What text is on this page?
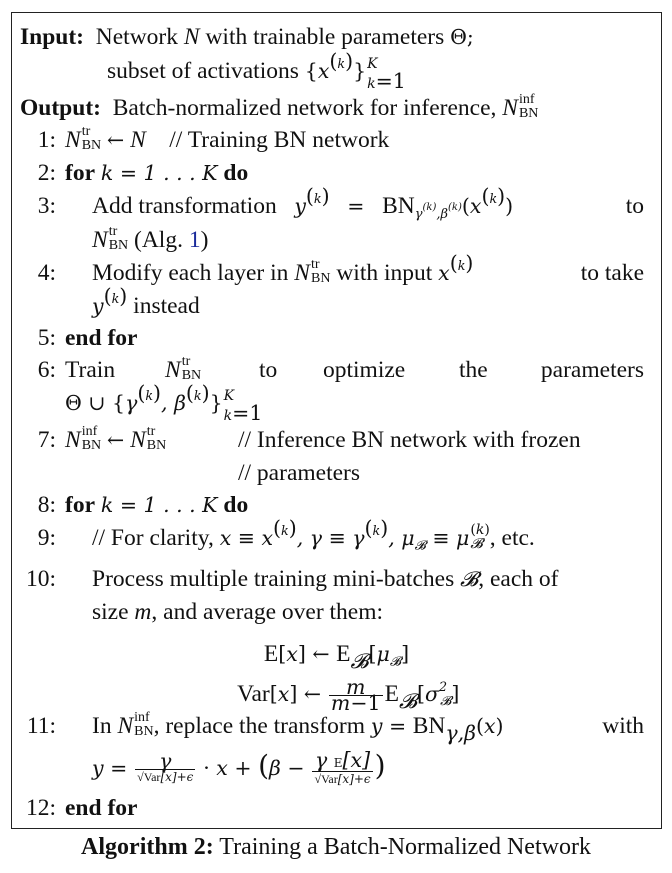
Input: Network N with trainable parameters Θ;
subset of activations $\{x^{(k)}\}$ K
k=1
Output: Batch-normalized network for inference, N inf
BN
1: N tr
BN ← N // Training BN network
2: for k = 1 . . . K do
3: Add transformation $y^{(k)} = BN_{\gamma^{(k)},\beta^{(k)}}(x^{(k)})$	to
N tr
BN (Alg. 1)
4: Modify each layer in N tr
BN with input $x^{(k)}$	to take
$y^{(k)}$ instead
5: end for
6: Train N tr
BN to optimize the parameters
Θ ∪ {$\gamma^{(k)}$, $\beta^{(k)}$} K
k=1
7: N inf
BN ← N tr
BN	// Inference BN network with frozen
// parameters
8: for k = 1 . . . K do
9: // For clarity, $x \equiv x^{(k)}$, $\gamma \equiv \gamma^{(k)}$, $\mu_𝓑 \equiv \mu$ (k)
𝓑 , etc.
10: Process multiple training mini-batches 𝓑, each of
size m, and average over them:
E[x] ← $E_𝓑[\mu_𝓑]$
Var[x] ← $\frac{m}{m-1} E_𝓑[\sigma^2_𝓑]$
11: In N inf
BN , replace the transform $y = BN_{\gamma,\beta}(x)$	with
$y = \frac{\gamma}{\text{√Var[x]+ϵ}} \cdot x + (\beta - \frac{\text{γ E[x]}}{\text{√Var[x]+ϵ}}$ )
12: end for
Algorithm 2: Training a Batch-Normalized Network
